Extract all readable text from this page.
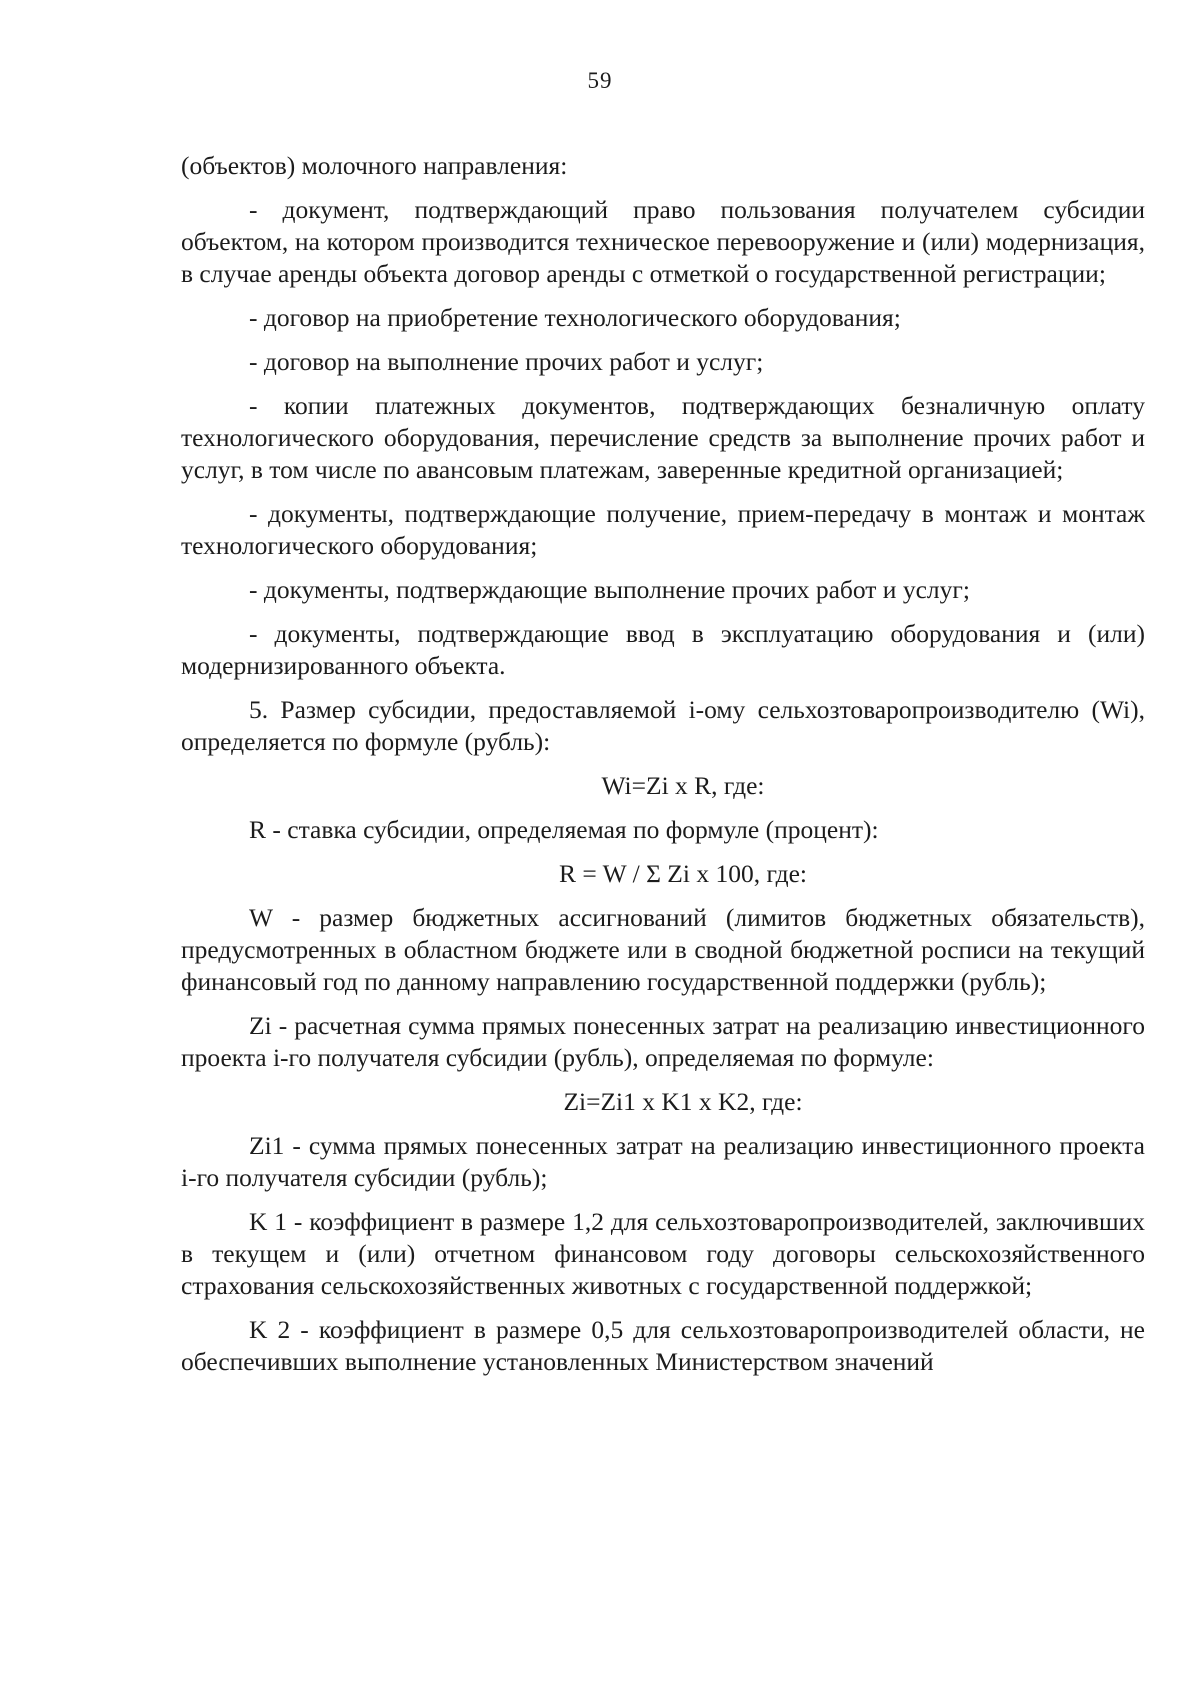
59

(объектов) молочного направления:

- документ, подтверждающий право пользования получателем субсидии объектом, на котором производится техническое перевооружение и (или) модернизация, в случае аренды объекта договор аренды с отметкой о государственной регистрации;

- договор на приобретение технологического оборудования;

- договор на выполнение прочих работ и услуг;

- копии платежных документов, подтверждающих безналичную оплату технологического оборудования, перечисление средств за выполнение прочих работ и услуг, в том числе по авансовым платежам, заверенные кредитной организацией;

- документы, подтверждающие получение, прием-передачу в монтаж и монтаж технологического оборудования;

- документы, подтверждающие выполнение прочих работ и услуг;

- документы, подтверждающие ввод в эксплуатацию оборудования и (или) модернизированного объекта.

5. Размер субсидии, предоставляемой i-ому сельхозтоваропроизводителю (Wi), определяется по формуле (рубль):

Wi=Zi x R, где:

R - ставка субсидии, определяемая по формуле (процент):

R = W / Σ Zi x 100, где:

W - размер бюджетных ассигнований (лимитов бюджетных обязательств), предусмотренных в областном бюджете или в сводной бюджетной росписи на текущий финансовый год по данному направлению государственной поддержки (рубль);

Zi - расчетная сумма прямых понесенных затрат на реализацию инвестиционного проекта i-го получателя субсидии (рубль), определяемая по формуле:

Zi=Zi1 x K1 x K2, где:

Zi1 - сумма прямых понесенных затрат на реализацию инвестиционного проекта i-го получателя субсидии (рубль);

K 1 - коэффициент в размере 1,2 для сельхозтоваропроизводителей, заключивших в текущем и (или) отчетном финансовом году договоры сельскохозяйственного страхования сельскохозяйственных животных с государственной поддержкой;

K 2 - коэффициент в размере 0,5 для сельхозтоваропроизводителей области, не обеспечивших выполнение установленных Министерством значений
